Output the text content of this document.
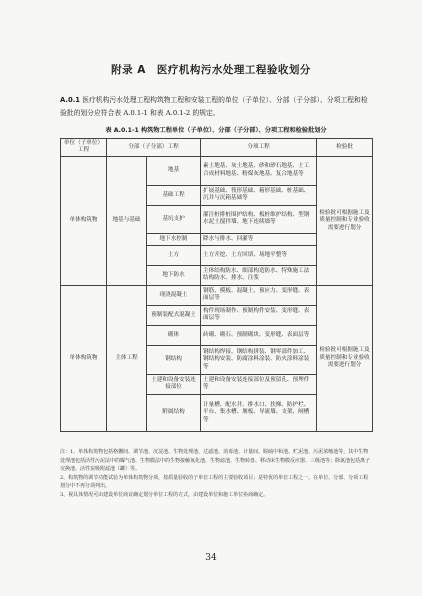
附录 A　医疗机构污水处理工程验收划分
A.0.1 医疗机构污水处理工程构筑物工程和安装工程的单位（子单位）、分部（子分部）、分项工程和检验批的划分应符合表 A.0.1-1 和表 A.0.1-2 的规定。
表 A.0.1-1 构筑物工程单位（子单位）、分部（子分部）、分项工程和检验批划分
单位（子单位）工程	分部（子分部）工程		分项工程	检验批
单体构筑物	地基与基础	地基	素土地基、灰土地基、砂和砂石地基、土工合成材料地基、粉煤灰地基、复合地基等	检验批可根据施工及质量控制和专业验收需要进行划分
		基础工程	扩展基础、筏形基础、箱形基础、桩基础、沉井与沉箱基础等	
		基坑支护	灌注桩排桩围护结构、板桩维护结构、型钢水泥土搅拌墙、地下连续墙等	
		地下水控制	降水与排水、回灌等	
		土方	土方开挖、土方回填、场地平整等	
		地下防水	主体结构防水、细部构造防水、特殊施工法结构防水、排水、注浆	
单体构筑物	主体工程	现浇混凝土	钢筋、模板、混凝土、预应力、变形缝、表面层等	检验批可根据施工及质量控制和专业验收需要进行划分
		预制装配式混凝土	构件现场制作、预制构件安装、变形缝、表面层等	
		砌体	砖砌、砌石、预制砌块、变形缝、表面层等	
		钢结构	钢结构焊接、钢结构拼装、钢零部件加工、钢结构安装、防腐涂料涂装、防火涂料涂装等	
		土建和设备安装连接部位	土建和设备安装连接部位及预留孔、预埋件等	
		附属结构	计量槽、配水井、排水口、扶梯、防护栏、平台、集水槽、堰板、导流墙、支架、闸槽等	
注：1、单体构筑物包括格栅间、调节池、沉淀池、生物处理池、过滤池、消毒池、计量间、脱硫中和池、贮泥池、污泥浓缩池等，其中生物处理池包括活性污泥法中的曝气池、生物膜法中的生物接触氧化池、生物滤池、生物转盘、移动床生物膜反应器、三级池等；除氮池包括离子交换池、活性炭吸附滤池（罐）等。
2、构筑物的调节功能试验为单体构筑物分项，按质量验收的子单位工程的主要验收项目；是特优的单位工程之一，在单位、分部、分项工程划分中不再分项列出。
3、视具体情况可由建设单位商议确定划分单位工程的方式，由建设单位和施工单位协商确定。
34
